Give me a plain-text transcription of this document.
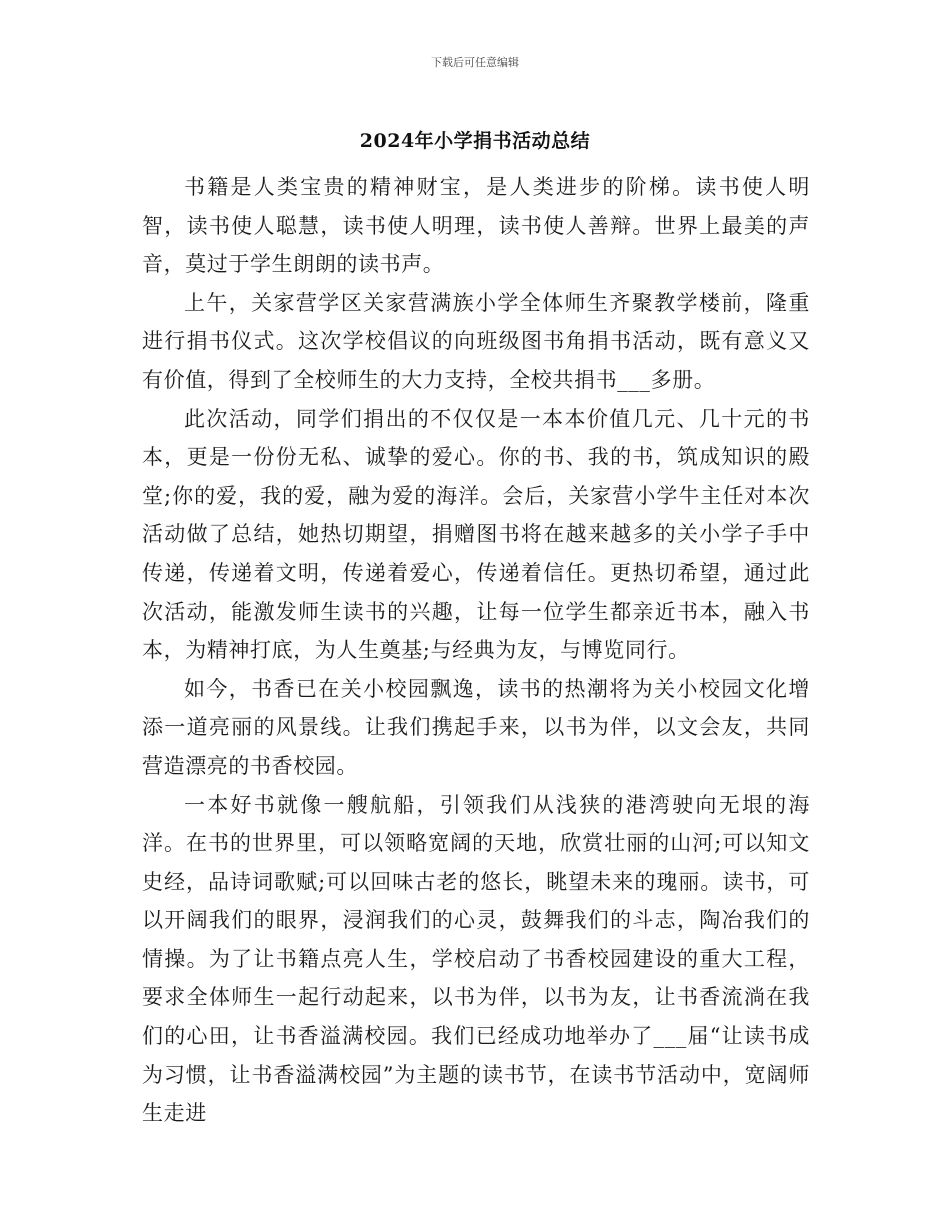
下载后可任意编辑
2024年小学捐书活动总结

书籍是人类宝贵的精神财宝，是人类进步的阶梯。读书使人明智，读书使人聪慧，读书使人明理，读书使人善辩。世界上最美的声音，莫过于学生朗朗的读书声。

上午，关家营学区关家营满族小学全体师生齐聚教学楼前，隆重进行捐书仪式。这次学校倡议的向班级图书角捐书活动，既有意义又有价值，得到了全校师生的大力支持，全校共捐书___多册。

此次活动，同学们捐出的不仅仅是一本本价值几元、几十元的书本，更是一份份无私、诚挚的爱心。你的书、我的书，筑成知识的殿堂;你的爱，我的爱，融为爱的海洋。会后，关家营小学牛主任对本次活动做了总结，她热切期望，捐赠图书将在越来越多的关小学子手中传递，传递着文明，传递着爱心，传递着信任。更热切希望，通过此次活动，能激发师生读书的兴趣，让每一位学生都亲近书本，融入书本，为精神打底，为人生奠基;与经典为友，与博览同行。

如今，书香已在关小校园飘逸，读书的热潮将为关小校园文化增添一道亮丽的风景线。让我们携起手来，以书为伴，以文会友，共同营造漂亮的书香校园。

一本好书就像一艘航船，引领我们从浅狭的港湾驶向无垠的海洋。在书的世界里，可以领略宽阔的天地，欣赏壮丽的山河;可以知文史经，品诗词歌赋;可以回味古老的悠长，眺望未来的瑰丽。读书，可以开阔我们的眼界，浸润我们的心灵，鼓舞我们的斗志，陶冶我们的情操。为了让书籍点亮人生，学校启动了书香校园建设的重大工程，要求全体师生一起行动起来，以书为伴，以书为友，让书香流淌在我们的心田，让书香溢满校园。我们已经成功地举办了___届“让读书成为习惯，让书香溢满校园”为主题的读书节，在读书节活动中，宽阔师生走进
